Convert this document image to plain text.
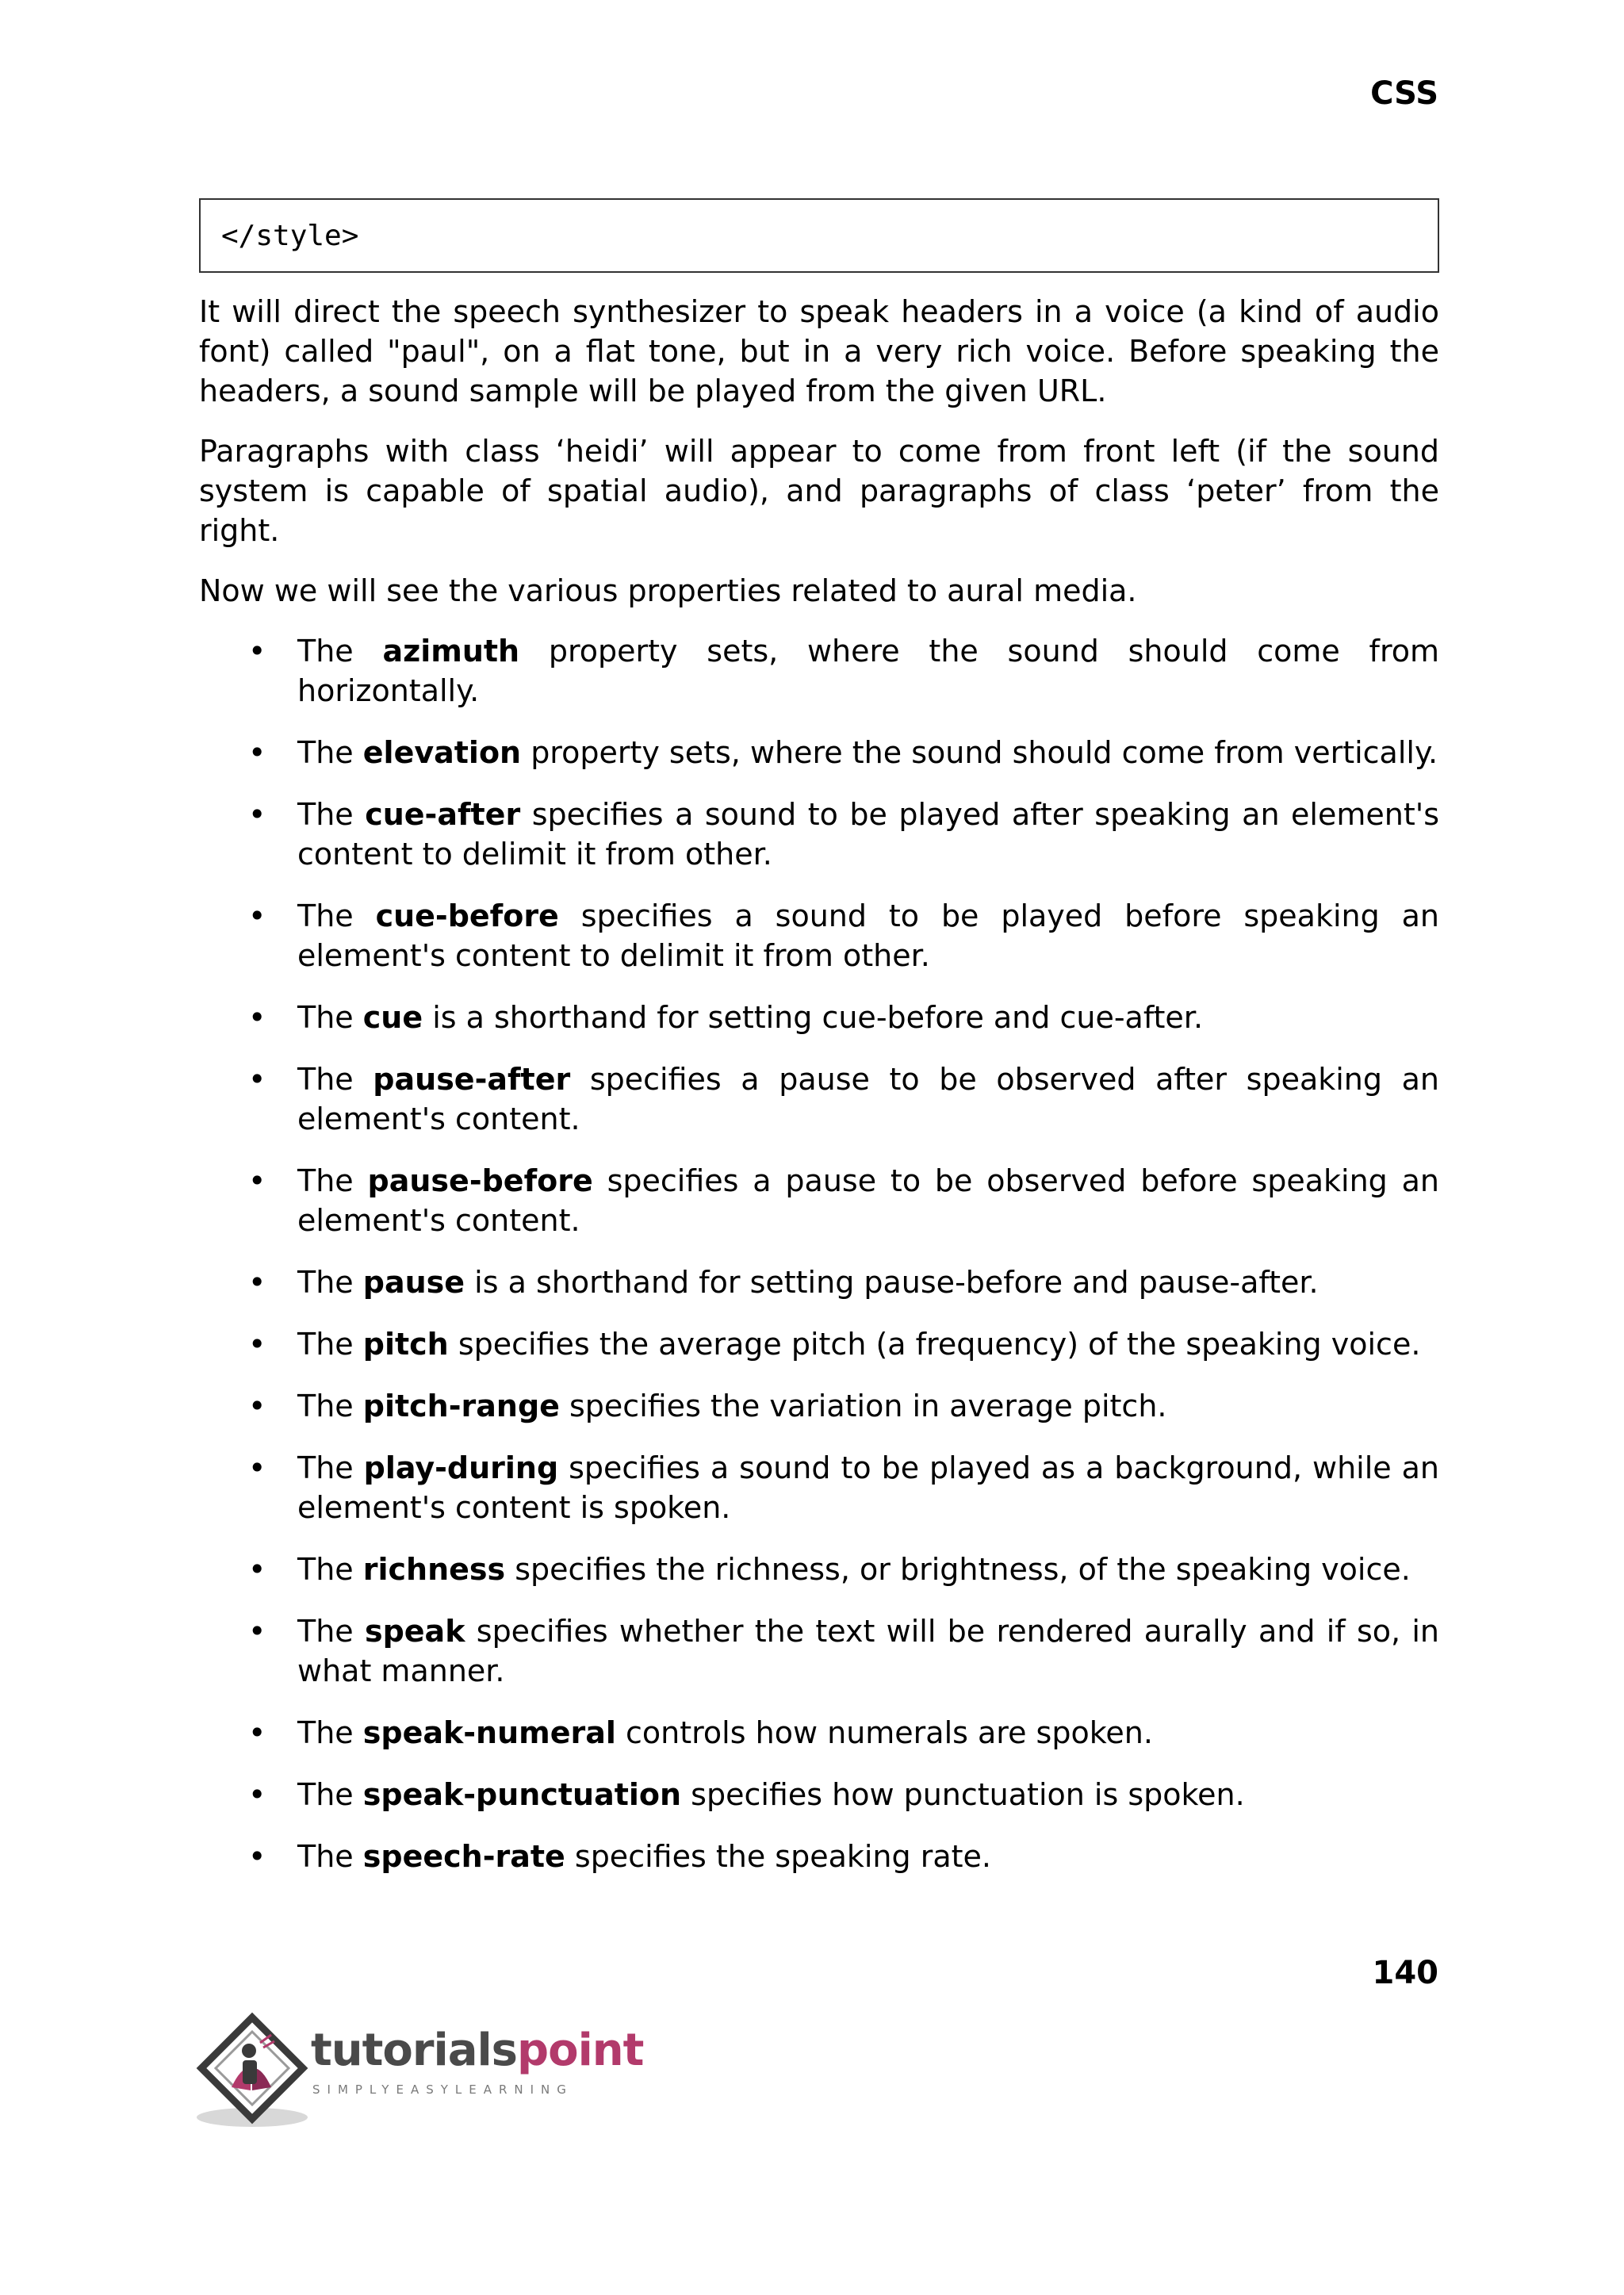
CSS
</style>

It will direct the speech synthesizer to speak headers in a voice (a kind of audio font) called "paul", on a flat tone, but in a very rich voice. Before speaking the headers, a sound sample will be played from the given URL.

Paragraphs with class ‘heidi’ will appear to come from front left (if the sound system is capable of spatial audio), and paragraphs of class ‘peter’ from the right.

Now we will see the various properties related to aural media.

• The azimuth property sets, where the sound should come from horizontally.
• The elevation property sets, where the sound should come from vertically.
• The cue-after specifies a sound to be played after speaking an element's content to delimit it from other.
• The cue-before specifies a sound to be played before speaking an element's content to delimit it from other.
• The cue is a shorthand for setting cue-before and cue-after.
• The pause-after specifies a pause to be observed after speaking an element's content.
• The pause-before specifies a pause to be observed before speaking an element's content.
• The pause is a shorthand for setting pause-before and pause-after.
• The pitch specifies the average pitch (a frequency) of the speaking voice.
• The pitch-range specifies the variation in average pitch.
• The play-during specifies a sound to be played as a background, while an element's content is spoken.
• The richness specifies the richness, or brightness, of the speaking voice.
• The speak specifies whether the text will be rendered aurally and if so, in what manner.
• The speak-numeral controls how numerals are spoken.
• The speak-punctuation specifies how punctuation is spoken.
• The speech-rate specifies the speaking rate.
140
tutorialspoint
SIMPLYEASYLEARNING
